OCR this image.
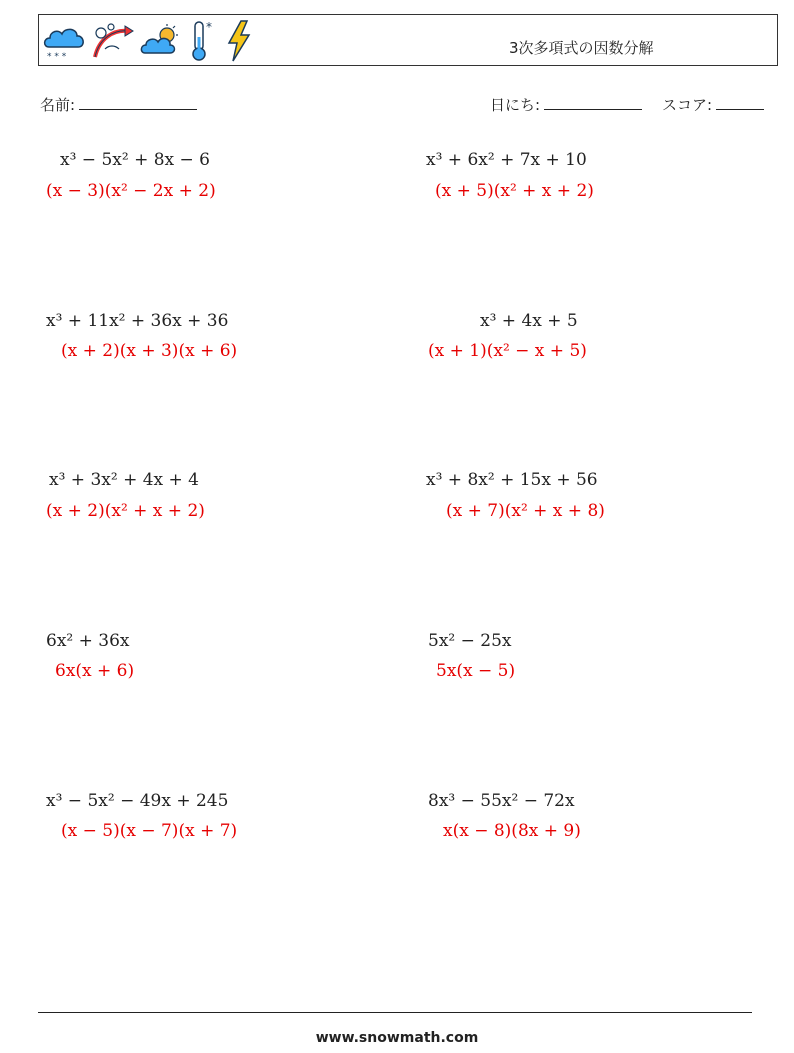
* * *
*
3次多項式の因数分解
名前:	日にち:	スコア:
x³ − 5x² + 8x − 6
(x − 3)(x² − 2x + 2)
x³ + 6x² + 7x + 10
(x + 5)(x² + x + 2)
x³ + 11x² + 36x + 36
(x + 2)(x + 3)(x + 6)
x³ + 4x + 5
(x + 1)(x² − x + 5)
x³ + 3x² + 4x + 4
(x + 2)(x² + x + 2)
x³ + 8x² + 15x + 56
(x + 7)(x² + x + 8)
6x² + 36x
6x(x + 6)
5x² − 25x
5x(x − 5)
x³ − 5x² − 49x + 245
(x − 5)(x − 7)(x + 7)
8x³ − 55x² − 72x
x(x − 8)(8x + 9)
www.snowmath.com
